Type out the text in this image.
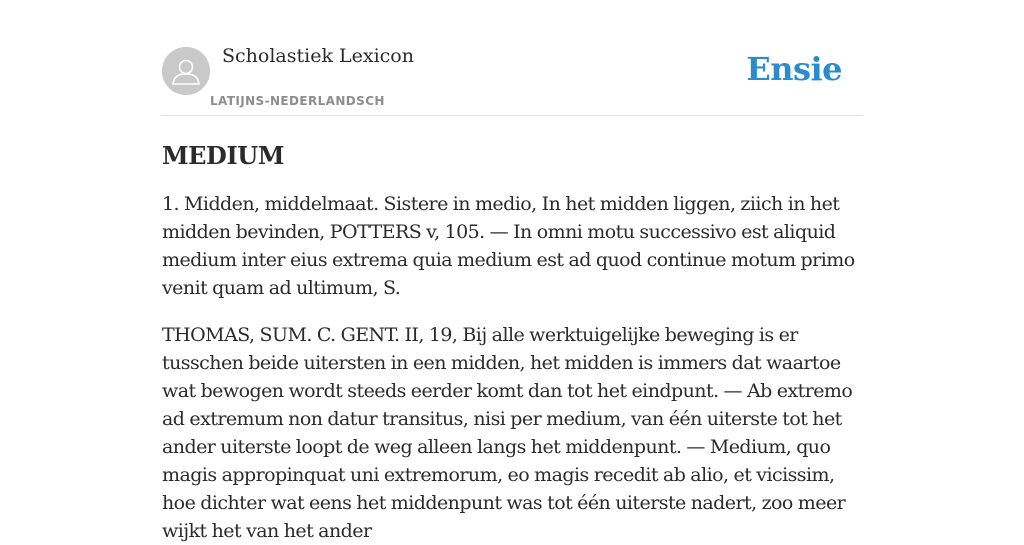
Scholastiek Lexicon
LATIJNS-NEDERLANDSCH
Ensie
MEDIUM

1. Midden, middelmaat. Sistere in medio, In het midden liggen, ziich in het midden bevinden, POTTERS v, 105. — In omni motu successivo est aliquid medium inter eius extrema quia medium est ad quod continue motum primo venit quam ad ultimum, S.

THOMAS, SUM. C. GENT. II, 19, Bij alle werktuigelijke beweging is er tusschen beide uitersten in een midden, het midden is immers dat waartoe wat bewogen wordt steeds eerder komt dan tot het eindpunt. — Ab extremo ad extremum non datur transitus, nisi per medium, van één uiterste tot het ander uiterste loopt de weg alleen langs het middenpunt. — Medium, quo magis appropinquat uni extremorum, eo magis recedit ab alio, et vicissim, hoe dichter wat eens het middenpunt was tot één uiterste nadert, zoo meer wijkt het van het ander
